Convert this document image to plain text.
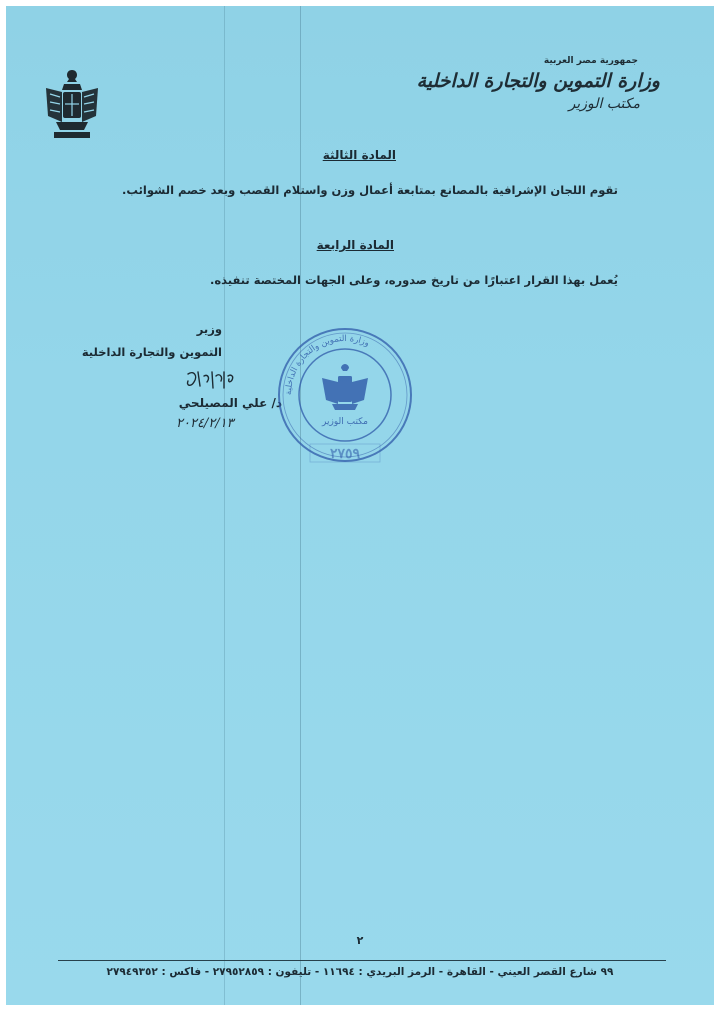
جمهورية مصر العربية
وزارة التموين والتجارة الداخلية
مكتب الوزير
المادة الثالثة
تقوم اللجان الإشرافية بالمصانع بمتابعة أعمال وزن واستلام القصب وبعد خصم الشوائب.
المادة الرابعة
يُعمل بهذا القرار اعتبارًا من تاريخ صدوره، وعلى الجهات المختصة تنفيذه.
وزير
التموين والتجارة الداخلية
د/ علي المصيلحي
٢٠٢٤/٢/١٣
وزارة التموين والتجارة الداخلية
مكتب الوزير
٢٧٥٩
٢
٩٩ شارع القصر العيني - القاهرة - الرمز البريدي : ١١٦٩٤ - تليفون : ٢٧٩٥٢٨٥٩ - فاكس : ٢٧٩٤٩٣٥٢
